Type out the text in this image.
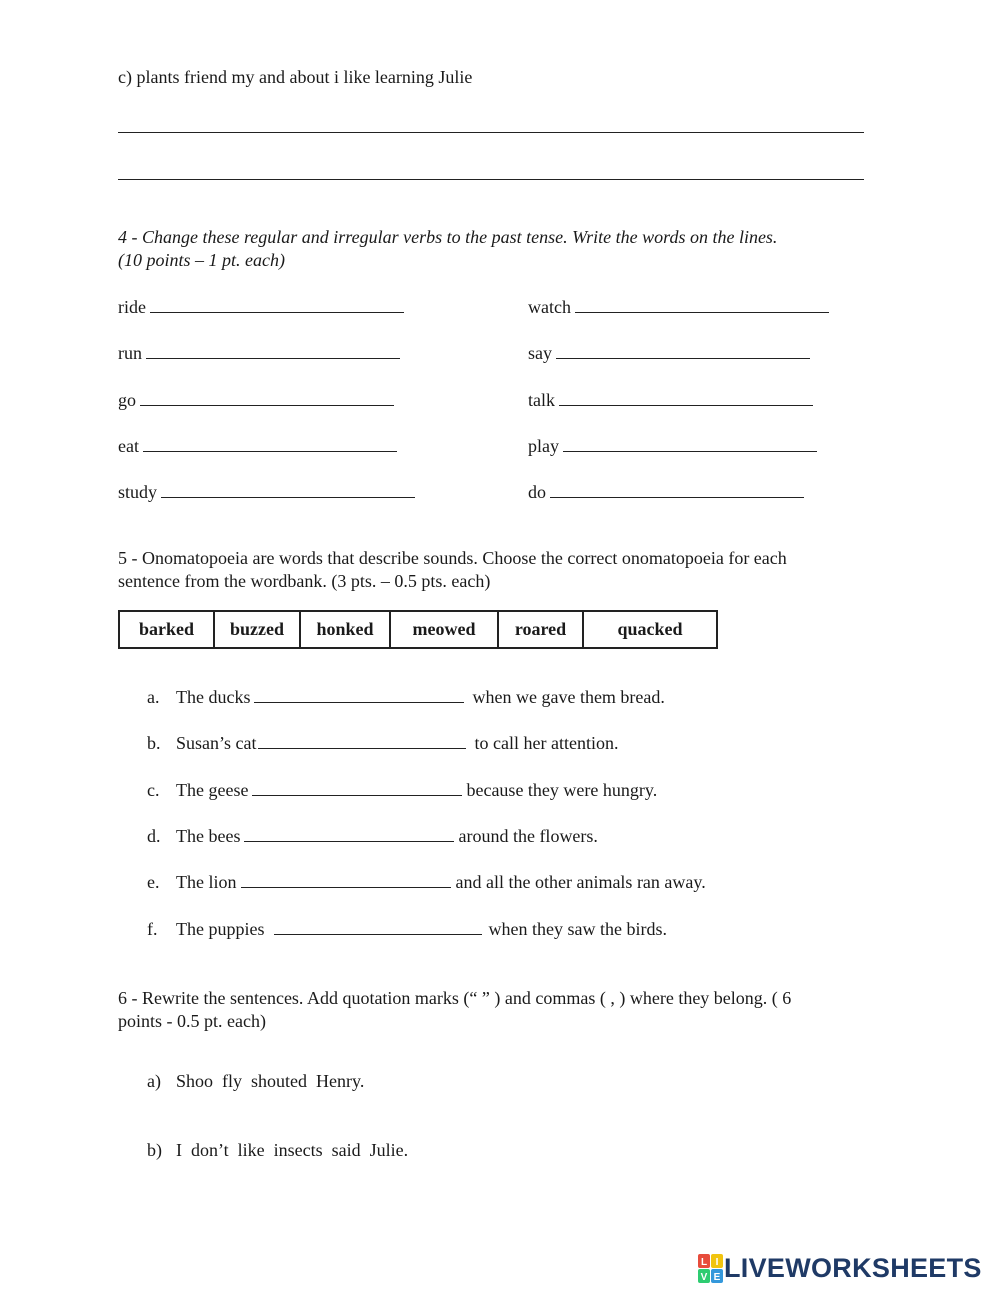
c) plants friend my and about i like learning Julie
4 - Change these regular and irregular verbs to the past tense. Write the words on the lines.
(10 points – 1 pt. each)
ride	watch
run	say
go	talk
eat	play
study	do
5 - Onomatopoeia are words that describe sounds. Choose the correct onomatopoeia for each
sentence from the wordbank. (3 pts. – 0.5 pts. each)
barked	buzzed	honked	meowed	roared	quacked
a. The ducks	when we gave them bread.
b. Susan’s cat	to call her attention.
c. The geese	because they were hungry.
d. The bees	around the flowers.
e. The lion	and all the other animals ran away.
f. The puppies	when they saw the birds.
6 - Rewrite the sentences. Add quotation marks (“ ” ) and commas ( , ) where they belong. ( 6
points - 0.5 pt. each)
a) Shoo  fly  shouted  Henry.
b) I  don’t  like  insects  said  Julie.
L I
V E LIVEWORKSHEETS
